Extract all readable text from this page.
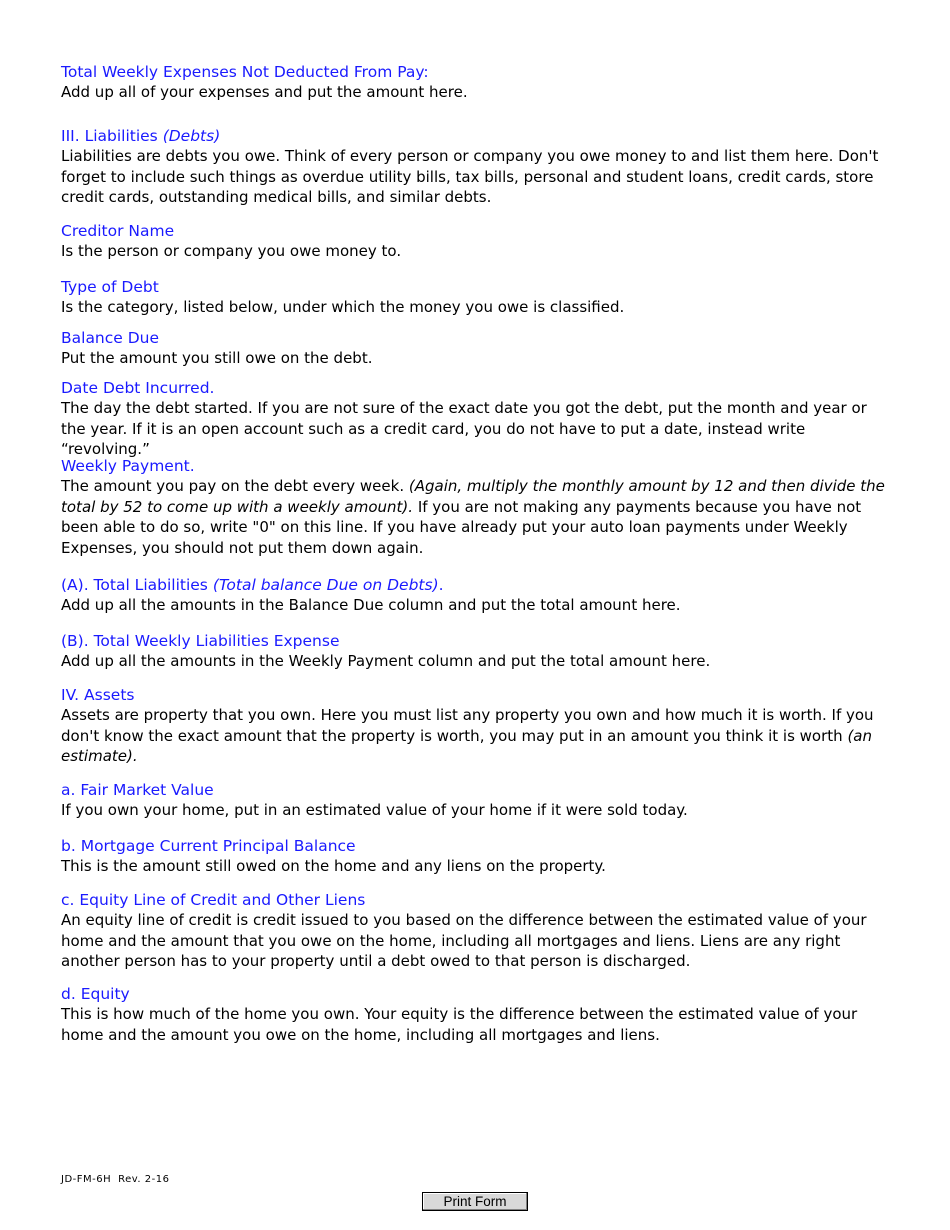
Total Weekly Expenses Not Deducted From Pay:

Add up all of your expenses and put the amount here.

III. Liabilities (Debts)

Liabilities are debts you owe. Think of every person or company you owe money to and list them here. Don't forget to include such things as overdue utility bills, tax bills, personal and student loans, credit cards, store credit cards, outstanding medical bills, and similar debts.

Creditor Name

Is the person or company you owe money to.

Type of Debt

Is the category, listed below, under which the money you owe is classified.

Balance Due

Put the amount you still owe on the debt.

Date Debt Incurred.

The day the debt started. If you are not sure of the exact date you got the debt, put the month and year or the year. If it is an open account such as a credit card, you do not have to put a date, instead write “revolving.”

Weekly Payment.

The amount you pay on the debt every week. (Again, multiply the monthly amount by 12 and then divide the total by 52 to come up with a weekly amount). If you are not making any payments because you have not been able to do so, write "0" on this line. If you have already put your auto loan payments under Weekly Expenses, you should not put them down again.

(A). Total Liabilities (Total balance Due on Debts).

Add up all the amounts in the Balance Due column and put the total amount here.

(B). Total Weekly Liabilities Expense

Add up all the amounts in the Weekly Payment column and put the total amount here.

IV. Assets

Assets are property that you own. Here you must list any property you own and how much it is worth. If you don't know the exact amount that the property is worth, you may put in an amount you think it is worth (an estimate).

a. Fair Market Value

If you own your home, put in an estimated value of your home if it were sold today.

b. Mortgage Current Principal Balance

This is the amount still owed on the home and any liens on the property.

c. Equity Line of Credit and Other Liens

An equity line of credit is credit issued to you based on the difference between the estimated value of your home and the amount that you owe on the home, including all mortgages and liens. Liens are any right another person has to your property until a debt owed to that person is discharged.

d. Equity

This is how much of the home you own. Your equity is the difference between the estimated value of your home and the amount you owe on the home, including all mortgages and liens.

JD-FM-6H Rev. 2-16
Print Form
